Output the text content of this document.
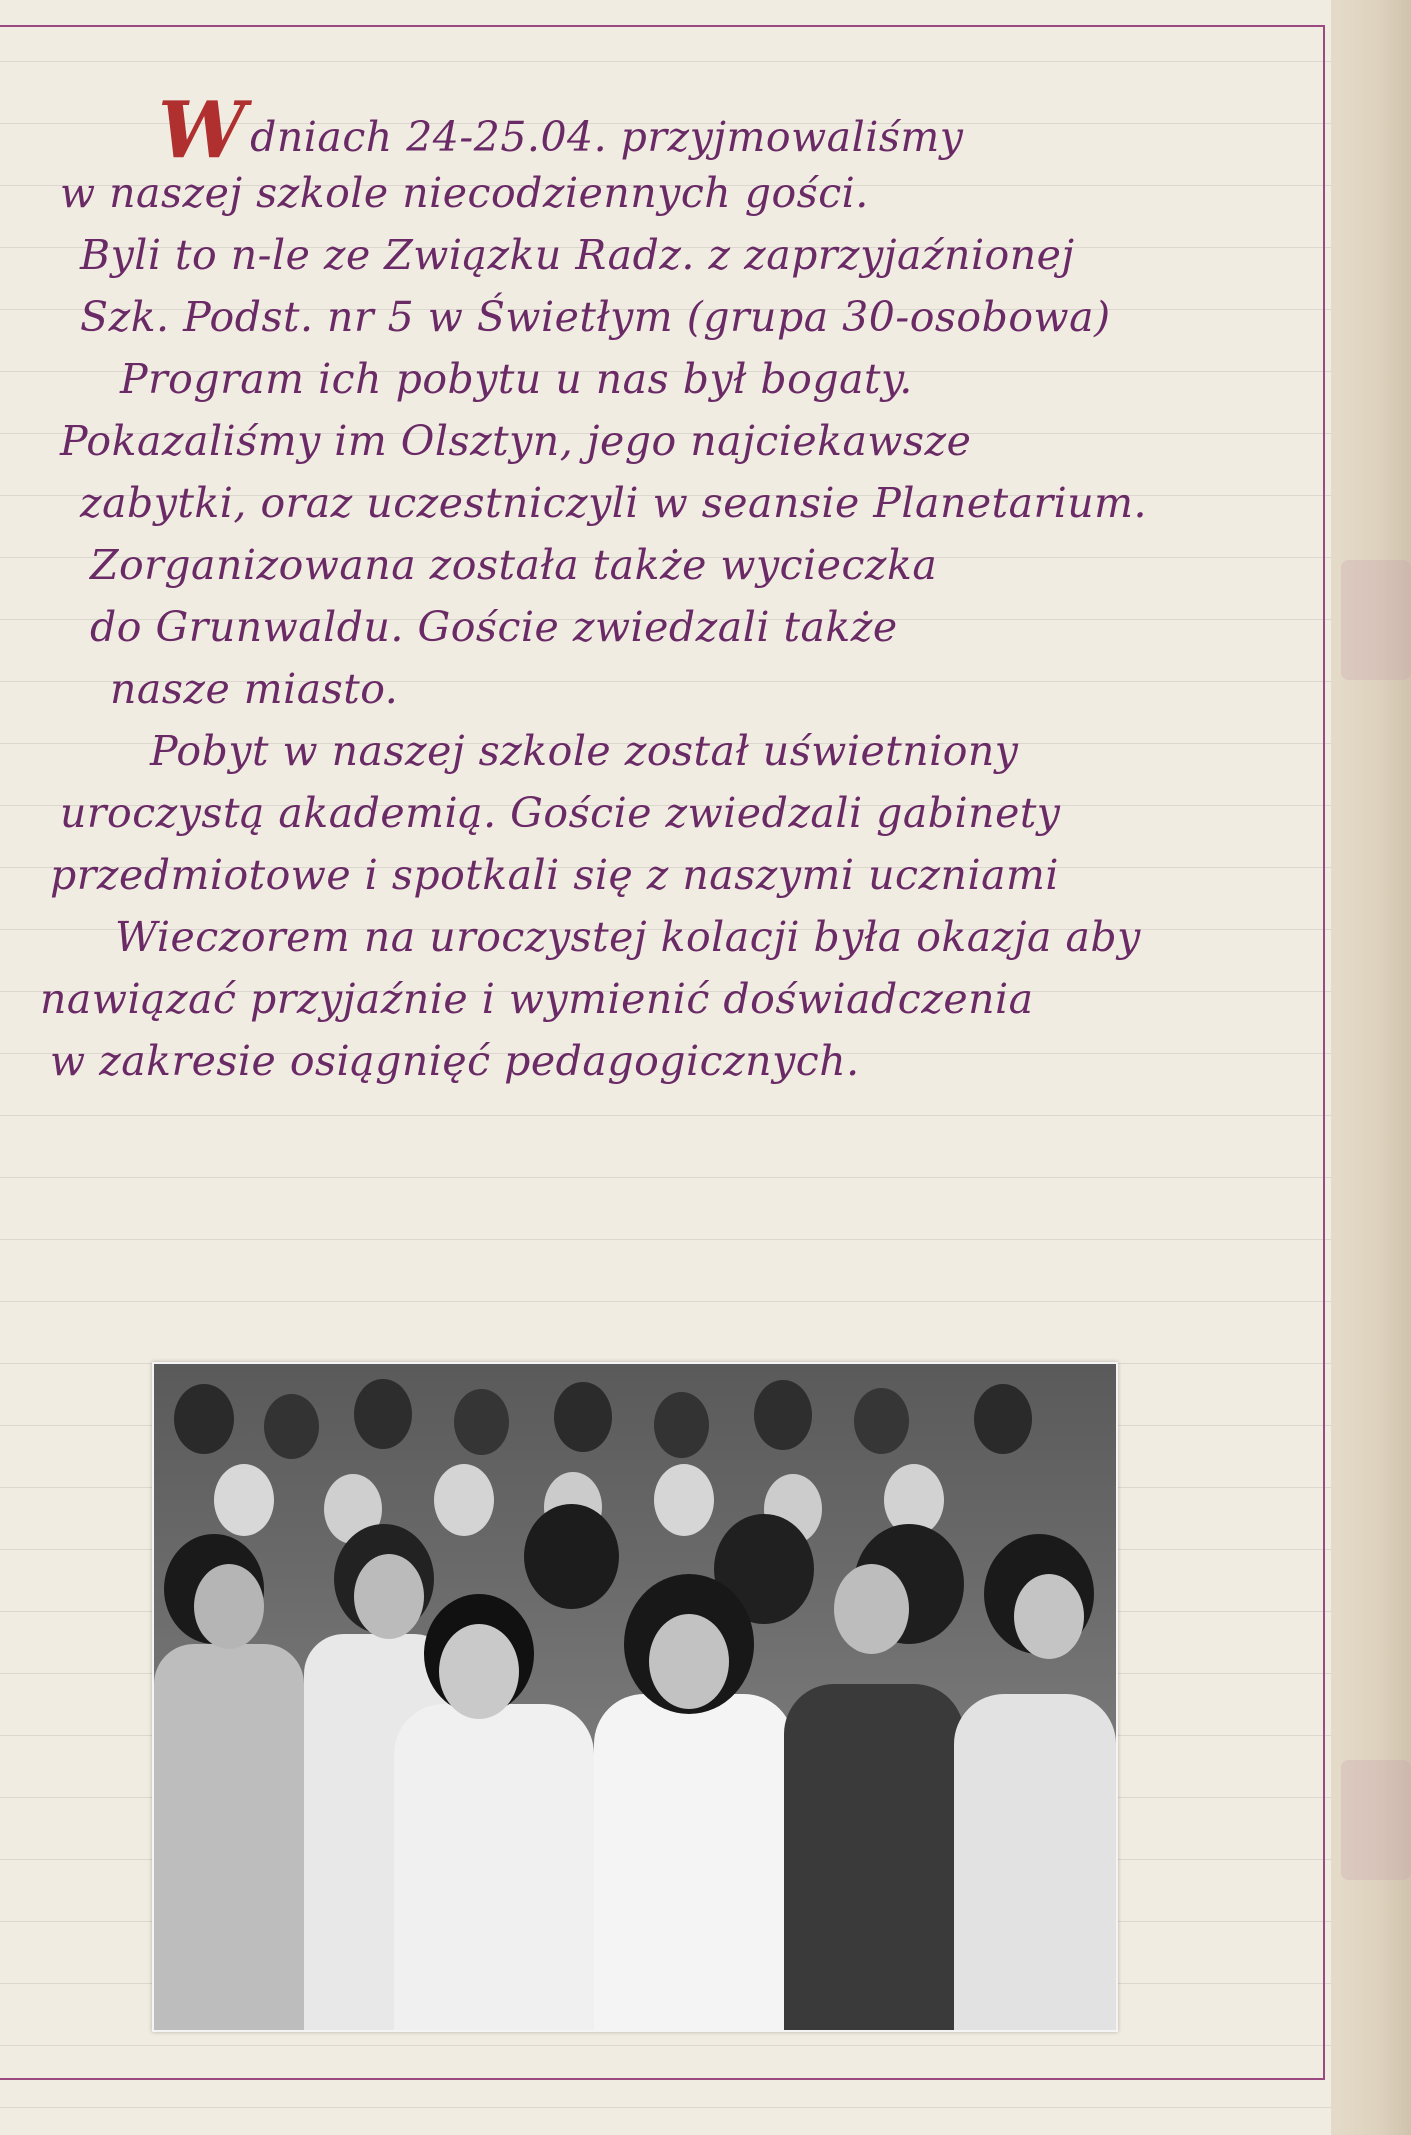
Wdniach 24-25.04. przyjmowaliśmy
w naszej szkole niecodziennych gości.
Byli to n-le ze Związku Radz. z zaprzyjaźnionej
Szk. Podst. nr 5 w Świetłym (grupa 30-osobowa)
Program ich pobytu u nas był bogaty.
Pokazaliśmy im Olsztyn, jego najciekawsze
zabytki, oraz uczestniczyli w seansie Planetarium.
Zorganizowana została także wycieczka
do Grunwaldu. Goście zwiedzali także
nasze miasto.
Pobyt w naszej szkole został uświetniony
uroczystą akademią. Goście zwiedzali gabinety
przedmiotowe i spotkali się z naszymi uczniami
Wieczorem na uroczystej kolacji była okazja aby
nawiązać przyjaźnie i wymienić doświadczenia
w zakresie osiągnięć pedagogicznych.
